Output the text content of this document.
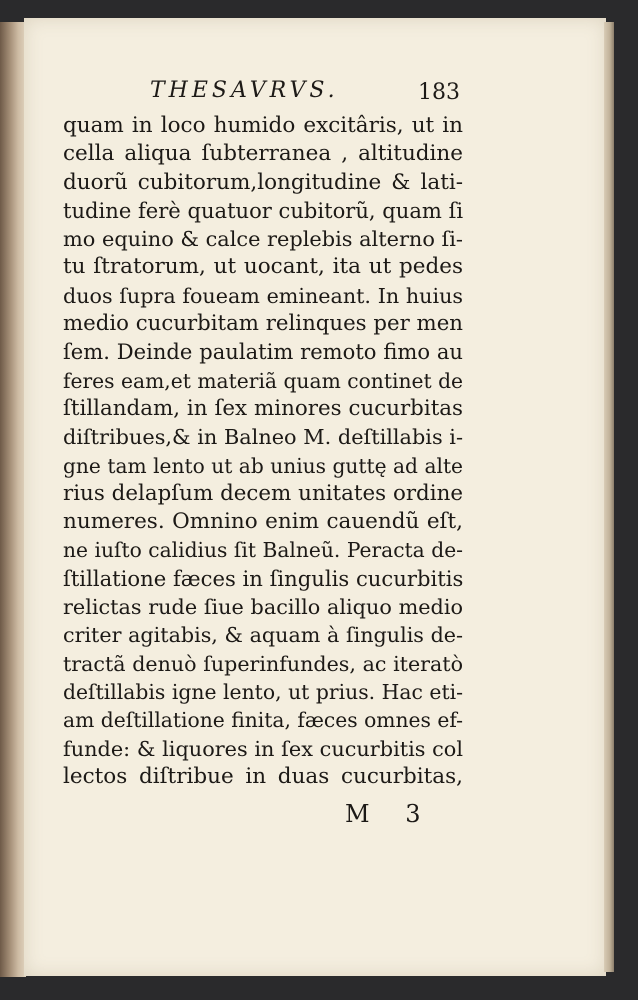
THESAVRVS.	183
quam in loco humido excitâris, ut in
cella aliqua ſubterranea , altitudine
duorũ cubitorum,longitudine & lati-
tudine ferè quatuor cubitorũ, quam ſi
mo equino & calce replebis alterno ſi-
tu ſtratorum, ut uocant, ita ut pedes
duos ſupra foueam emineant. In huius
medio cucurbitam relinques per men
ſem. Deinde paulatim remoto fimo au
feres eam,et materiã quam continet de
ſtillandam, in ſex minores cucurbitas
diſtribues,& in Balneo M. deſtillabis i-
gne tam lento ut ab unius guttę ad alte
rius delapſum decem unitates ordine
numeres. Omnino enim cauendũ eſt,
ne iuſto calidius ſit Balneũ. Peracta de-
ſtillatione fæces in ſingulis cucurbitis
relictas rude ſiue bacillo aliquo medio
criter agitabis, & aquam à ſingulis de-
tractã denuò ſuperinfundes, ac iteratò
deſtillabis igne lento, ut prius. Hac eti-
am deſtillatione finita, fæces omnes ef-
funde: & liquores in ſex cucurbitis col
lectos diſtribue in duas cucurbitas,
M 3
